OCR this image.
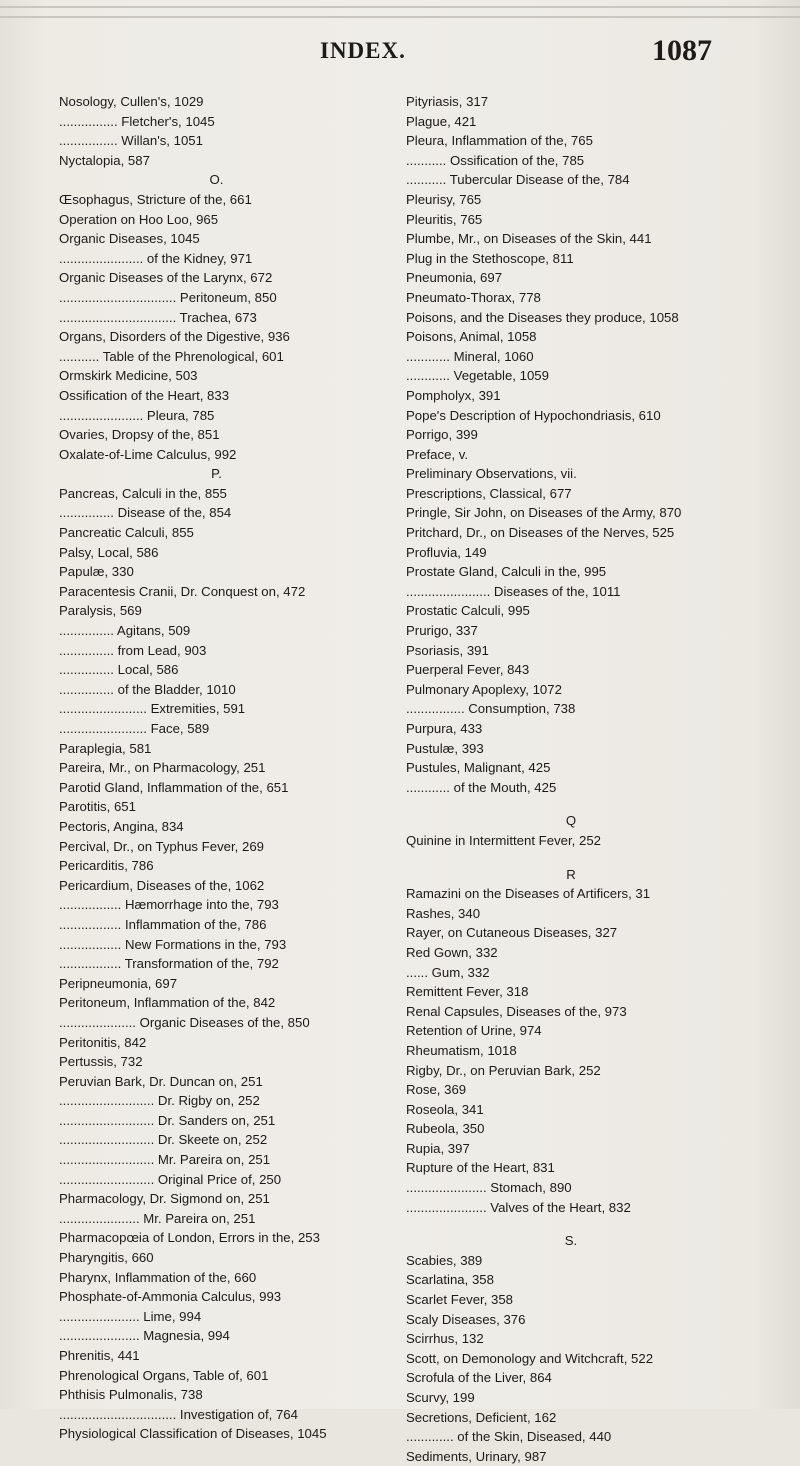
INDEX.	1087
Nosology, Cullen's, 1029
................ Fletcher's, 1045
................ Willan's, 1051
Nyctalopia, 587
O.
Œsophagus, Stricture of the, 661
Operation on Hoo Loo, 965
Organic Diseases, 1045
....................... of the Kidney, 971
Organic Diseases of the Larynx, 672
................................ Peritoneum, 850
................................ Trachea, 673
Organs, Disorders of the Digestive, 936
........... Table of the Phrenological, 601
Ormskirk Medicine, 503
Ossification of the Heart, 833
....................... Pleura, 785
Ovaries, Dropsy of the, 851
Oxalate-of-Lime Calculus, 992
P.
Pancreas, Calculi in the, 855
............... Disease of the, 854
Pancreatic Calculi, 855
Palsy, Local, 586
Papulæ, 330
Paracentesis Cranii, Dr. Conquest on, 472
Paralysis, 569
............... Agitans, 509
............... from Lead, 903
............... Local, 586
............... of the Bladder, 1010
........................ Extremities, 591
........................ Face, 589
Paraplegia, 581
Pareira, Mr., on Pharmacology, 251
Parotid Gland, Inflammation of the, 651
Parotitis, 651
Pectoris, Angina, 834
Percival, Dr., on Typhus Fever, 269
Pericarditis, 786
Pericardium, Diseases of the, 1062
................. Hæmorrhage into the, 793
................. Inflammation of the, 786
................. New Formations in the, 793
................. Transformation of the, 792
Peripneumonia, 697
Peritoneum, Inflammation of the, 842
..................... Organic Diseases of the, 850
Peritonitis, 842
Pertussis, 732
Peruvian Bark, Dr. Duncan on, 251
.......................... Dr. Rigby on, 252
.......................... Dr. Sanders on, 251
.......................... Dr. Skeete on, 252
.......................... Mr. Pareira on, 251
.......................... Original Price of, 250
Pharmacology, Dr. Sigmond on, 251
...................... Mr. Pareira on, 251
Pharmacopœia of London, Errors in the, 253
Pharyngitis, 660
Pharynx, Inflammation of the, 660
Phosphate-of-Ammonia Calculus, 993
...................... Lime, 994
...................... Magnesia, 994
Phrenitis, 441
Phrenological Organs, Table of, 601
Phthisis Pulmonalis, 738
................................ Investigation of, 764
Physiological Classification of Diseases, 1045
Pityriasis, 317
Plague, 421
Pleura, Inflammation of the, 765
........... Ossification of the, 785
........... Tubercular Disease of the, 784
Pleurisy, 765
Pleuritis, 765
Plumbe, Mr., on Diseases of the Skin, 441
Plug in the Stethoscope, 811
Pneumonia, 697
Pneumato-Thorax, 778
Poisons, and the Diseases they produce, 1058
Poisons, Animal, 1058
............ Mineral, 1060
............ Vegetable, 1059
Pompholyx, 391
Pope's Description of Hypochondriasis, 610
Porrigo, 399
Preface, v.
Preliminary Observations, vii.
Prescriptions, Classical, 677
Pringle, Sir John, on Diseases of the Army, 870
Pritchard, Dr., on Diseases of the Nerves, 525
Profluvia, 149
Prostate Gland, Calculi in the, 995
....................... Diseases of the, 1011
Prostatic Calculi, 995
Prurigo, 337
Psoriasis, 391
Puerperal Fever, 843
Pulmonary Apoplexy, 1072
................ Consumption, 738
Purpura, 433
Pustulæ, 393
Pustules, Malignant, 425
............ of the Mouth, 425
Q
Quinine in Intermittent Fever, 252
R
Ramazini on the Diseases of Artificers, 31
Rashes, 340
Rayer, on Cutaneous Diseases, 327
Red Gown, 332
...... Gum, 332
Remittent Fever, 318
Renal Capsules, Diseases of the, 973
Retention of Urine, 974
Rheumatism, 1018
Rigby, Dr., on Peruvian Bark, 252
Rose, 369
Roseola, 341
Rubeola, 350
Rupia, 397
Rupture of the Heart, 831
...................... Stomach, 890
...................... Valves of the Heart, 832
S.
Scabies, 389
Scarlatina, 358
Scarlet Fever, 358
Scaly Diseases, 376
Scirrhus, 132
Scott, on Demonology and Witchcraft, 522
Scrofula of the Liver, 864
Scurvy, 199
Secretions, Deficient, 162
............. of the Skin, Diseased, 440
Sediments, Urinary, 987
